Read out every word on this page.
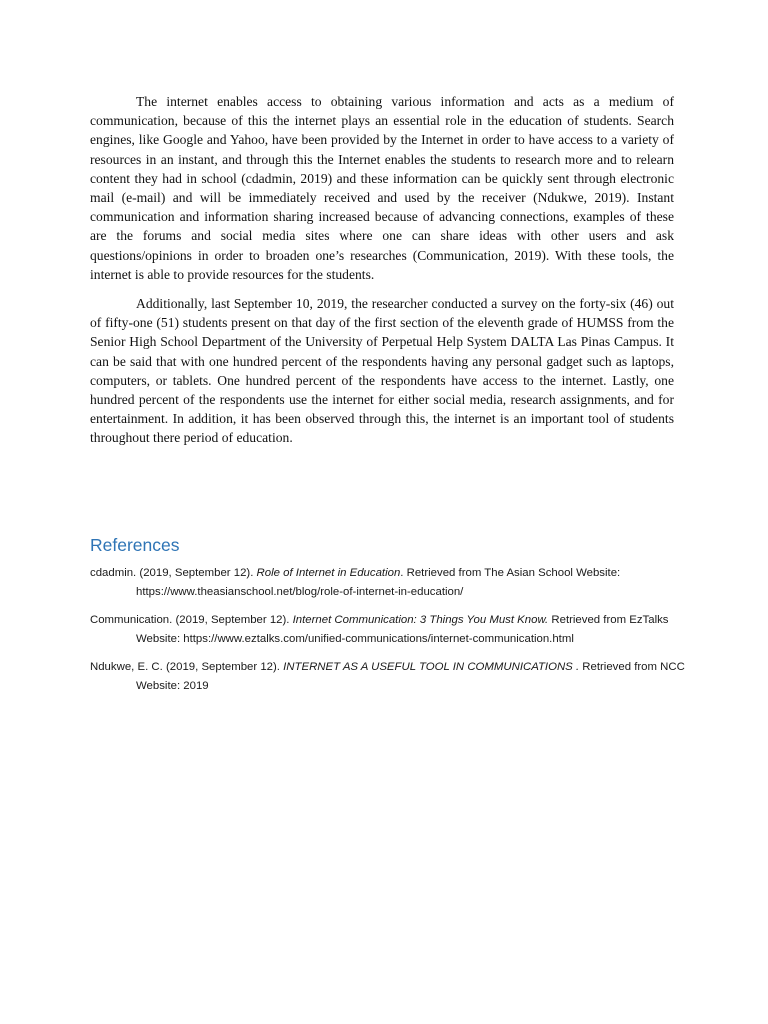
The internet enables access to obtaining various information and acts as a medium of communication, because of this the internet plays an essential role in the education of students. Search engines, like Google and Yahoo, have been provided by the Internet in order to have access to a variety of resources in an instant, and through this the Internet enables the students to research more and to relearn content they had in school (cdadmin, 2019) and these information can be quickly sent through electronic mail (e-mail) and will be immediately received and used by the receiver (Ndukwe, 2019). Instant communication and information sharing increased because of advancing connections, examples of these are the forums and social media sites where one can share ideas with other users and ask questions/opinions in order to broaden one’s researches (Communication, 2019). With these tools, the internet is able to provide resources for the students.

Additionally, last September 10, 2019, the researcher conducted a survey on the forty-six (46) out of fifty-one (51) students present on that day of the first section of the eleventh grade of HUMSS from the Senior High School Department of the University of Perpetual Help System DALTA Las Pinas Campus. It can be said that with one hundred percent of the respondents having any personal gadget such as laptops, computers, or tablets. One hundred percent of the respondents have access to the internet. Lastly, one hundred percent of the respondents use the internet for either social media, research assignments, and for entertainment. In addition, it has been observed through this, the internet is an important tool of students throughout there period of education.

References
cdadmin. (2019, September 12). Role of Internet in Education. Retrieved from The Asian School Website: https://www.theasianschool.net/blog/role-of-internet-in-education/
Communication. (2019, September 12). Internet Communication: 3 Things You Must Know. Retrieved from EzTalks Website: https://www.eztalks.com/unified-communications/internet-communication.html
Ndukwe, E. C. (2019, September 12). INTERNET AS A USEFUL TOOL IN COMMUNICATIONS . Retrieved from NCC Website: 2019
